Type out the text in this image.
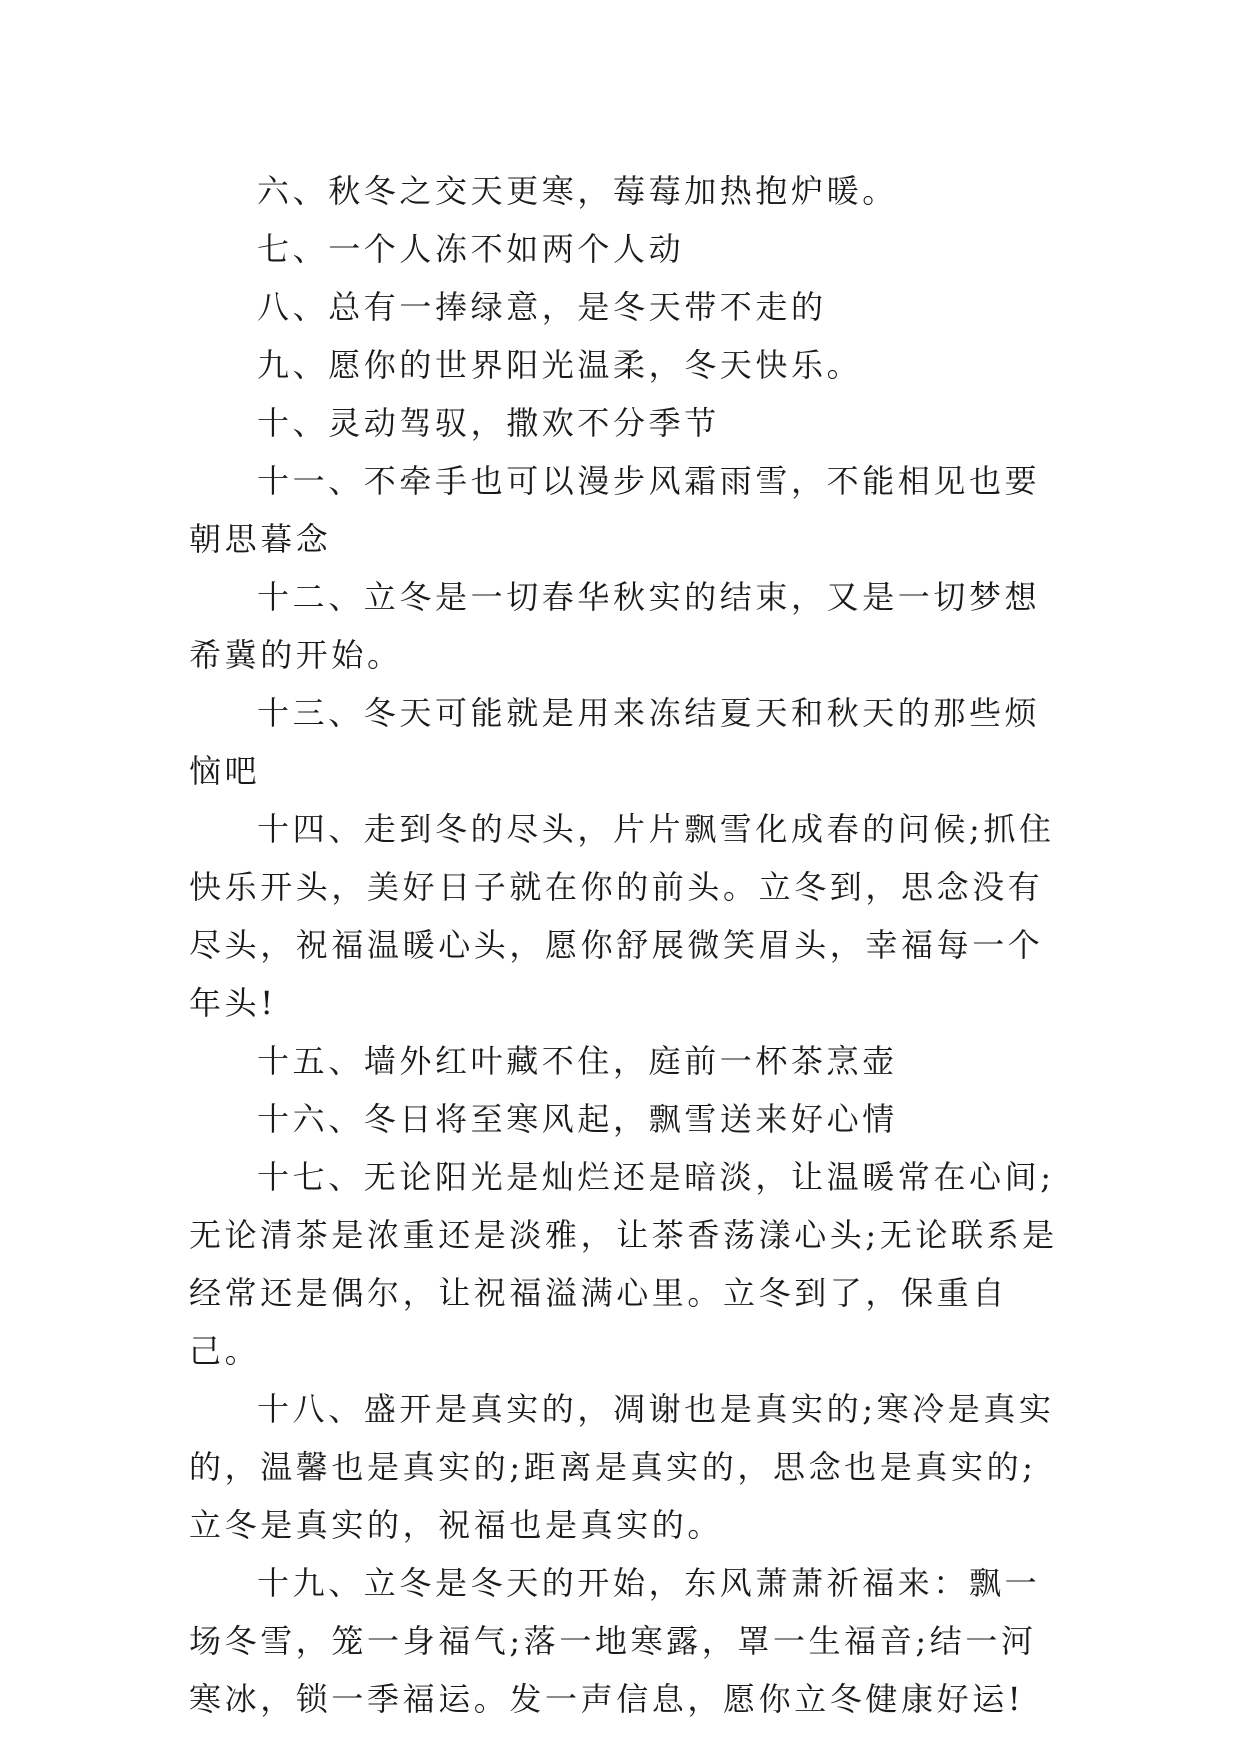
六、秋冬之交天更寒，莓莓加热抱炉暖。

七、一个人冻不如两个人动

八、总有一捧绿意，是冬天带不走的

九、愿你的世界阳光温柔，冬天快乐。

十、灵动驾驭，撒欢不分季节

十一、不牵手也可以漫步风霜雨雪，不能相见也要朝思暮念

十二、立冬是一切春华秋实的结束，又是一切梦想希冀的开始。

十三、冬天可能就是用来冻结夏天和秋天的那些烦恼吧

十四、走到冬的尽头，片片飘雪化成春的问候;抓住快乐开头，美好日子就在你的前头。立冬到，思念没有尽头，祝福温暖心头，愿你舒展微笑眉头，幸福每一个年头!

十五、墙外红叶藏不住，庭前一杯茶烹壶

十六、冬日将至寒风起，飘雪送来好心情

十七、无论阳光是灿烂还是暗淡，让温暖常在心间;无论清茶是浓重还是淡雅，让茶香荡漾心头;无论联系是经常还是偶尔，让祝福溢满心里。立冬到了，保重自己。

十八、盛开是真实的，凋谢也是真实的;寒冷是真实的，温馨也是真实的;距离是真实的，思念也是真实的;立冬是真实的，祝福也是真实的。

十九、立冬是冬天的开始，东风萧萧祈福来：飘一场冬雪，笼一身福气;落一地寒露，罩一生福音;结一河寒冰，锁一季福运。发一声信息，愿你立冬健康好运!
